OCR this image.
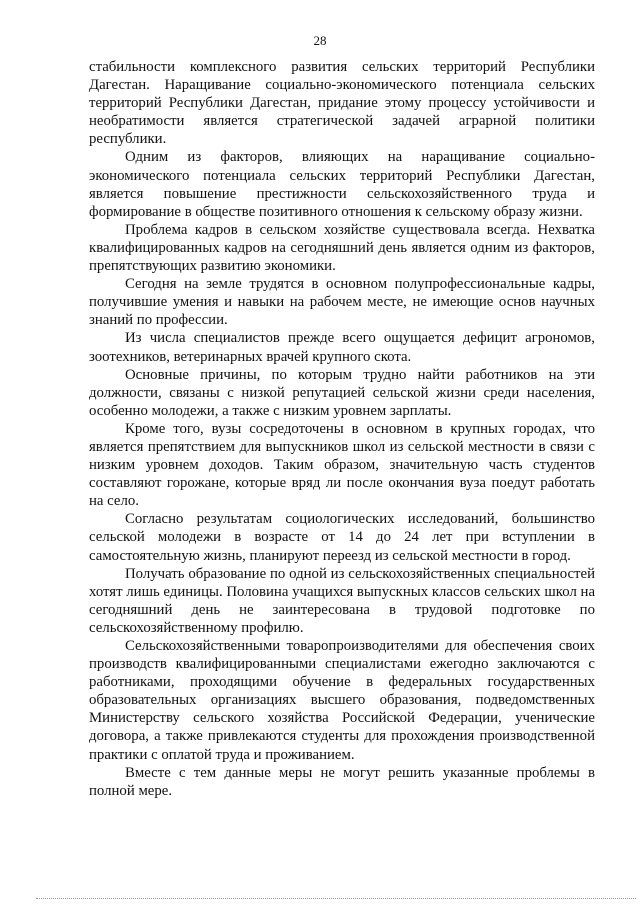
28

стабильности комплексного развития сельских территорий Республики Дагестан. Наращивание социально-экономического потенциала сельских территорий Республики Дагестан, придание этому процессу устойчивости и необратимости является стратегической задачей аграрной политики республики.

Одним из факторов, влияющих на наращивание социально-экономического потенциала сельских территорий Республики Дагестан, является повышение престижности сельскохозяйственного труда и формирование в обществе позитивного отношения к сельскому образу жизни.

Проблема кадров в сельском хозяйстве существовала всегда. Нехватка квалифицированных кадров на сегодняшний день является одним из факторов, препятствующих развитию экономики.

Сегодня на земле трудятся в основном полупрофессиональные кадры, получившие умения и навыки на рабочем месте, не имеющие основ научных знаний по профессии.

Из числа специалистов прежде всего ощущается дефицит агрономов, зоотехников, ветеринарных врачей крупного скота.

Основные причины, по которым трудно найти работников на эти должности, связаны с низкой репутацией сельской жизни среди населения, особенно молодежи, а также с низким уровнем зарплаты.

Кроме того, вузы сосредоточены в основном в крупных городах, что является препятствием для выпускников школ из сельской местности в связи с низким уровнем доходов. Таким образом, значительную часть студентов составляют горожане, которые вряд ли после окончания вуза поедут работать на село.

Согласно результатам социологических исследований, большинство сельской молодежи в возрасте от 14 до 24 лет при вступлении в самостоятельную жизнь, планируют переезд из сельской местности в город.

Получать образование по одной из сельскохозяйственных специальностей хотят лишь единицы. Половина учащихся выпускных классов сельских школ на сегодняшний день не заинтересована в трудовой подготовке по сельскохозяйственному профилю.

Сельскохозяйственными товаропроизводителями для обеспечения своих производств квалифицированными специалистами ежегодно заключаются с работниками, проходящими обучение в федеральных государственных образовательных организациях высшего образования, подведомственных Министерству сельского хозяйства Российской Федерации, ученические договора, а также привлекаются студенты для прохождения производственной практики с оплатой труда и проживанием.

Вместе с тем данные меры не могут решить указанные проблемы в полной мере.
